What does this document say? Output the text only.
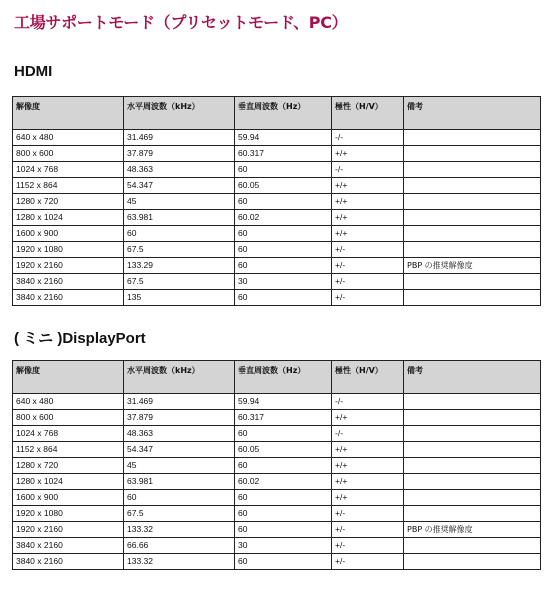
工場サポートモード（プリセットモード、PC）
HDMI
解像度	水平周波数（kHz）	垂直周波数（Hz）	極性（H/V）	備考
640 x 480	31.469	59.94	-/-	
800 x 600	37.879	60.317	+/+	
1024 x 768	48.363	60	-/-	
1152 x 864	54.347	60.05	+/+	
1280 x 720	45	60	+/+	
1280 x 1024	63.981	60.02	+/+	
1600 x 900	60	60	+/+	
1920 x 1080	67.5	60	+/-	
1920 x 2160	133.29	60	+/-	PBP の推奨解像度
3840 x 2160	67.5	30	+/-	
3840 x 2160	135	60	+/-	
( ミニ )DisplayPort
解像度	水平周波数（kHz）	垂直周波数（Hz）	極性（H/V）	備考
640 x 480	31.469	59.94	-/-	
800 x 600	37.879	60.317	+/+	
1024 x 768	48.363	60	-/-	
1152 x 864	54.347	60.05	+/+	
1280 x 720	45	60	+/+	
1280 x 1024	63.981	60.02	+/+	
1600 x 900	60	60	+/+	
1920 x 1080	67.5	60	+/-	
1920 x 2160	133.32	60	+/-	PBP の推奨解像度
3840 x 2160	66.66	30	+/-	
3840 x 2160	133.32	60	+/-	
